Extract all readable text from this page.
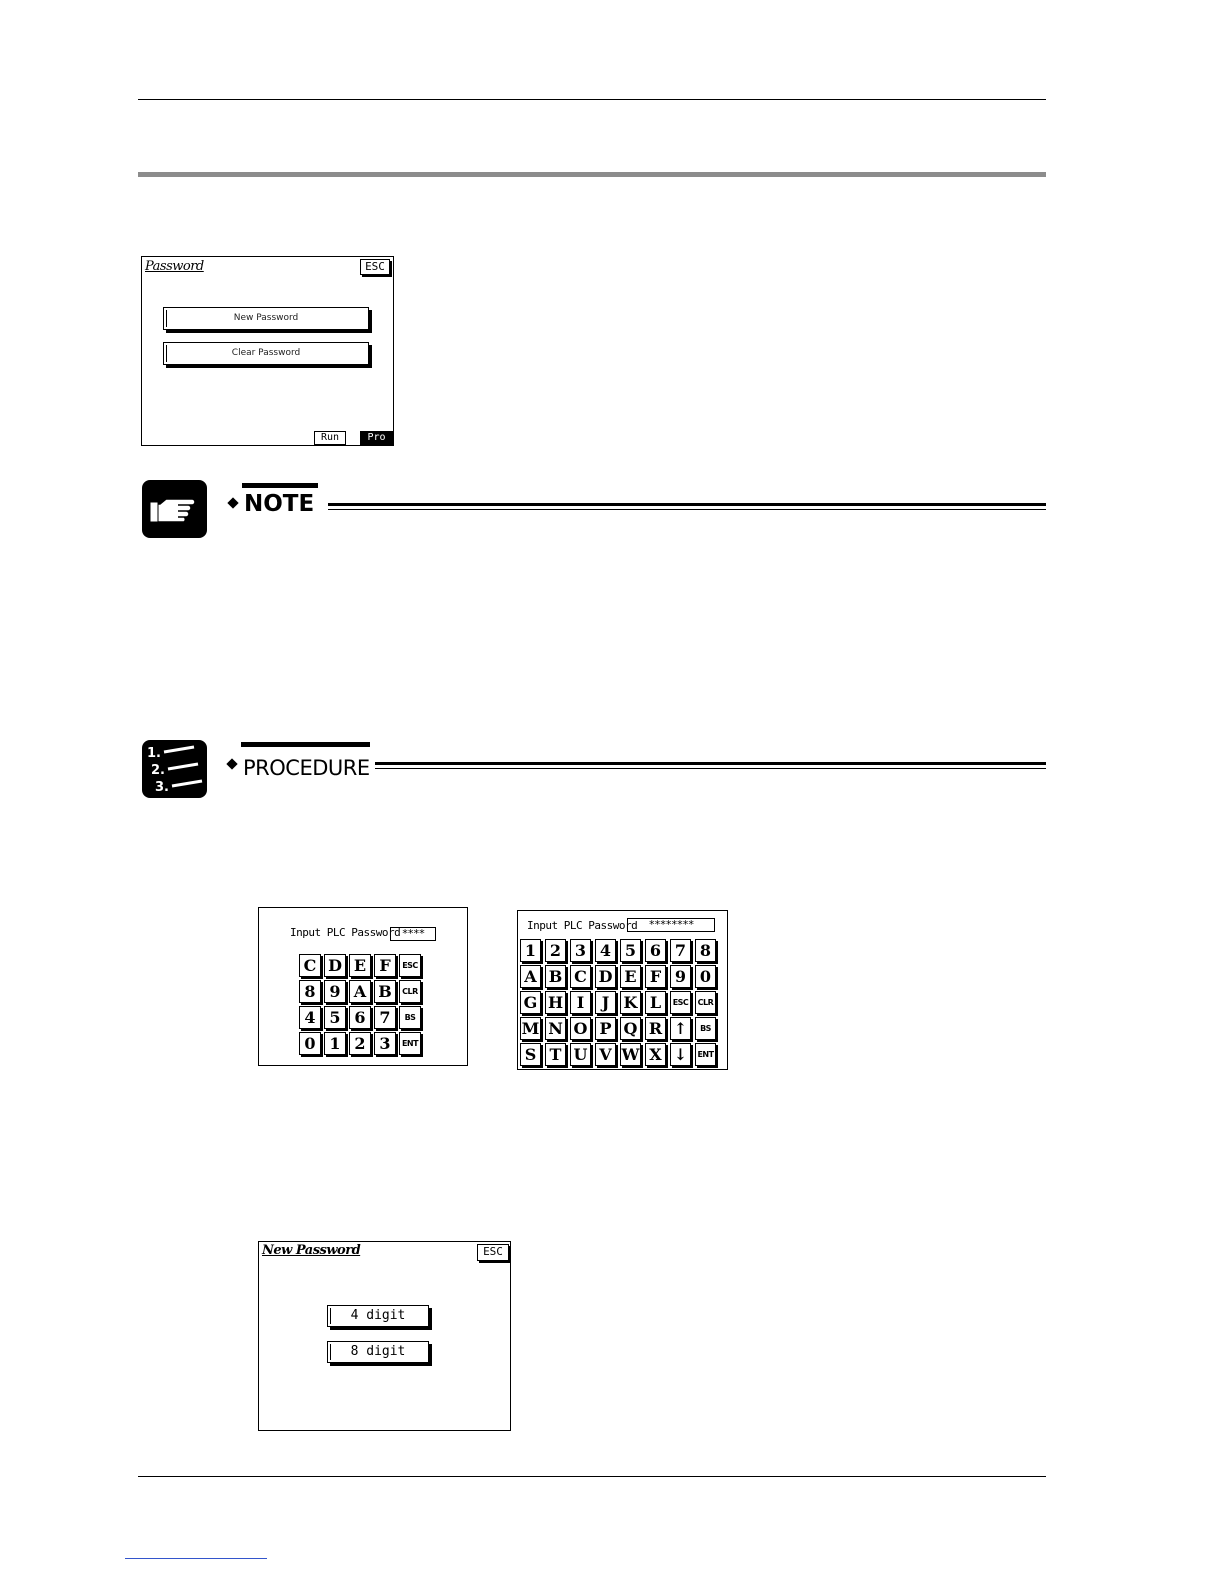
Password	ESC
New Password
Clear Password
Run	Pro
NOTE
1.
2.
3.
PROCEDURE
Input PLC Password ****
C D E F	ESC
8 9 A B	CLR
4 5 6 7	BS
0 1 2 3	ENT
Input PLC Password	********
1 2 3 4 5 6 7 8
A B C D E F 9 0
G H I	J K L	ESC	CLR
M N O P Q R ↑	BS
S T U V W X ↓	ENT
New Password	ESC
4 digit
8 digit
